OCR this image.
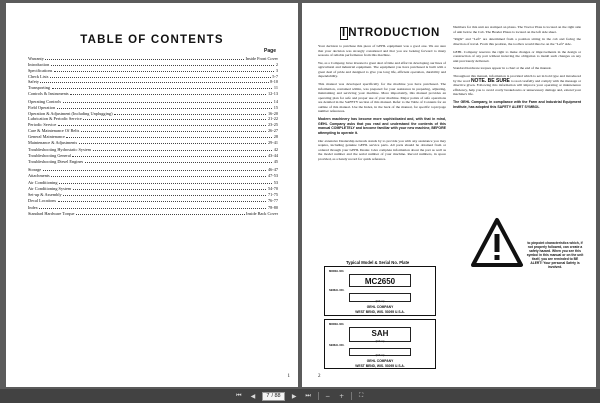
TABLE OF CONTENTS
Page
Warranty	Inside Front Cover
Introduction	2
Specifications	3
Check Lists	5-7
Safety	8-10
Transporting	11
Controls & Instruments	12-13
Operating Controls	14
Field Operation	15
Operation & Adjustment (Including Unplugging)	16-20
Lubrication & Periodic Service	21-22
Periodic Service	23-25
Care & Maintenance Of Belts	26-27
General Maintenance	28
Maintenance & Adjustments	29-41
Troubleshooting Hydrostatic System	42
Troubleshooting General	43-44
Troubleshooting Diesel Engines	45
Storage	46-47
Attachments	47-53
Air Conditioning	53
Air Conditioning System	54-70
Set-up & Assembly	71-75
Decal Locations	76-77
Index	78-80
Standard Hardware Torque	Inside Back Cover
1
I NTRODUCTION

Your decision to purchase this piece of GEHL equipment was a good one. We are sure that your decision was strongly considered and that you are looking forward to many seasons of reliable performance from this machine.

We, as a Company, have invested a great deal of time and effort in developing our lines of agricultural and industrial equipment. The equipment you have purchased is built with a great deal of pride and designed to give you long life, efficient operation, durability and dependability.

This manual was developed specifically for the machine you have purchased. The information, contained within, was prepared for your assistance in preparing, adjusting, maintaining and servicing your machine. More importantly, this manual provides an operating plan for safe and proper use of your machine. Major points of safe operations are detailed in the SAFETY section of this manual. Refer to the Table of Contents for an outline of this manual. Use the Index, in the back of the manual, for specific topic/page number references.

Modern machinery has become more sophisticated and, with that in mind, GEHL Company asks that you read and understand the contents of this manual COMPLETELY and become familiar with your new machine, BEFORE attempting to operate it.

Our extensive Dealership network stands by to provide you with any assistance you may require, including genuine GEHL service parts. All parts should be obtained from or ordered through your GEHL Dealer. Give complete information about the part as well as the model number and the serial number of your machine. Record numbers, in space provided, as a handy record for quick reference.

Numbers for this unit are stamped on plates. The Tractor Plate is located on the right side of unit below the Cab. The Header Plates is located on the left side sheet.

"Right" and "Left" are determined from a position sitting in the cab and facing the direction of travel. From this position, the toolbox would thus be on the "Left" side.

GEHL Company reserves the right to make changes or improvements in the design or construction of any part without incurring the obligation to install such changes on any unit previously delivered.

Standard hardware torques appear in a chart at the end of the manual.

Throughout this manual, information is provided which is set in bold type and introduced by the word NOTE. BE SURE to read carefully and comply with the message or directive given. Following this information will improve your operating or maintenance efficiency, help you to avoid costly breakdowns or unnecessary damage and, extend your machine's life.

The GEHL Company, in compliance with the Farm and Industrial Equipment Institute, has adopted this SAFETY ALERT SYMBOL

to pinpoint characteristics which, if not properly followed, can create a safety hazard. When you see this symbol in this manual or on the unit itself, you are reminded to BE ALERT! Your personal Safety is involved.
Typical Model & Serial No. Plate
MODEL NO.
MC2650
SERIAL NO.
(Fill in)
GEHL COMPANY
WEST BEND, WIS. 53095 U.S.A.
MODEL NO.
SAH
(Fill in)
SERIAL NO.
(Fill in)
GEHL COMPANY
WEST BEND, WIS. 53095 U.S.A.
2
⏮	◀	7 / 88	▶	⏭	−	+	⛶
